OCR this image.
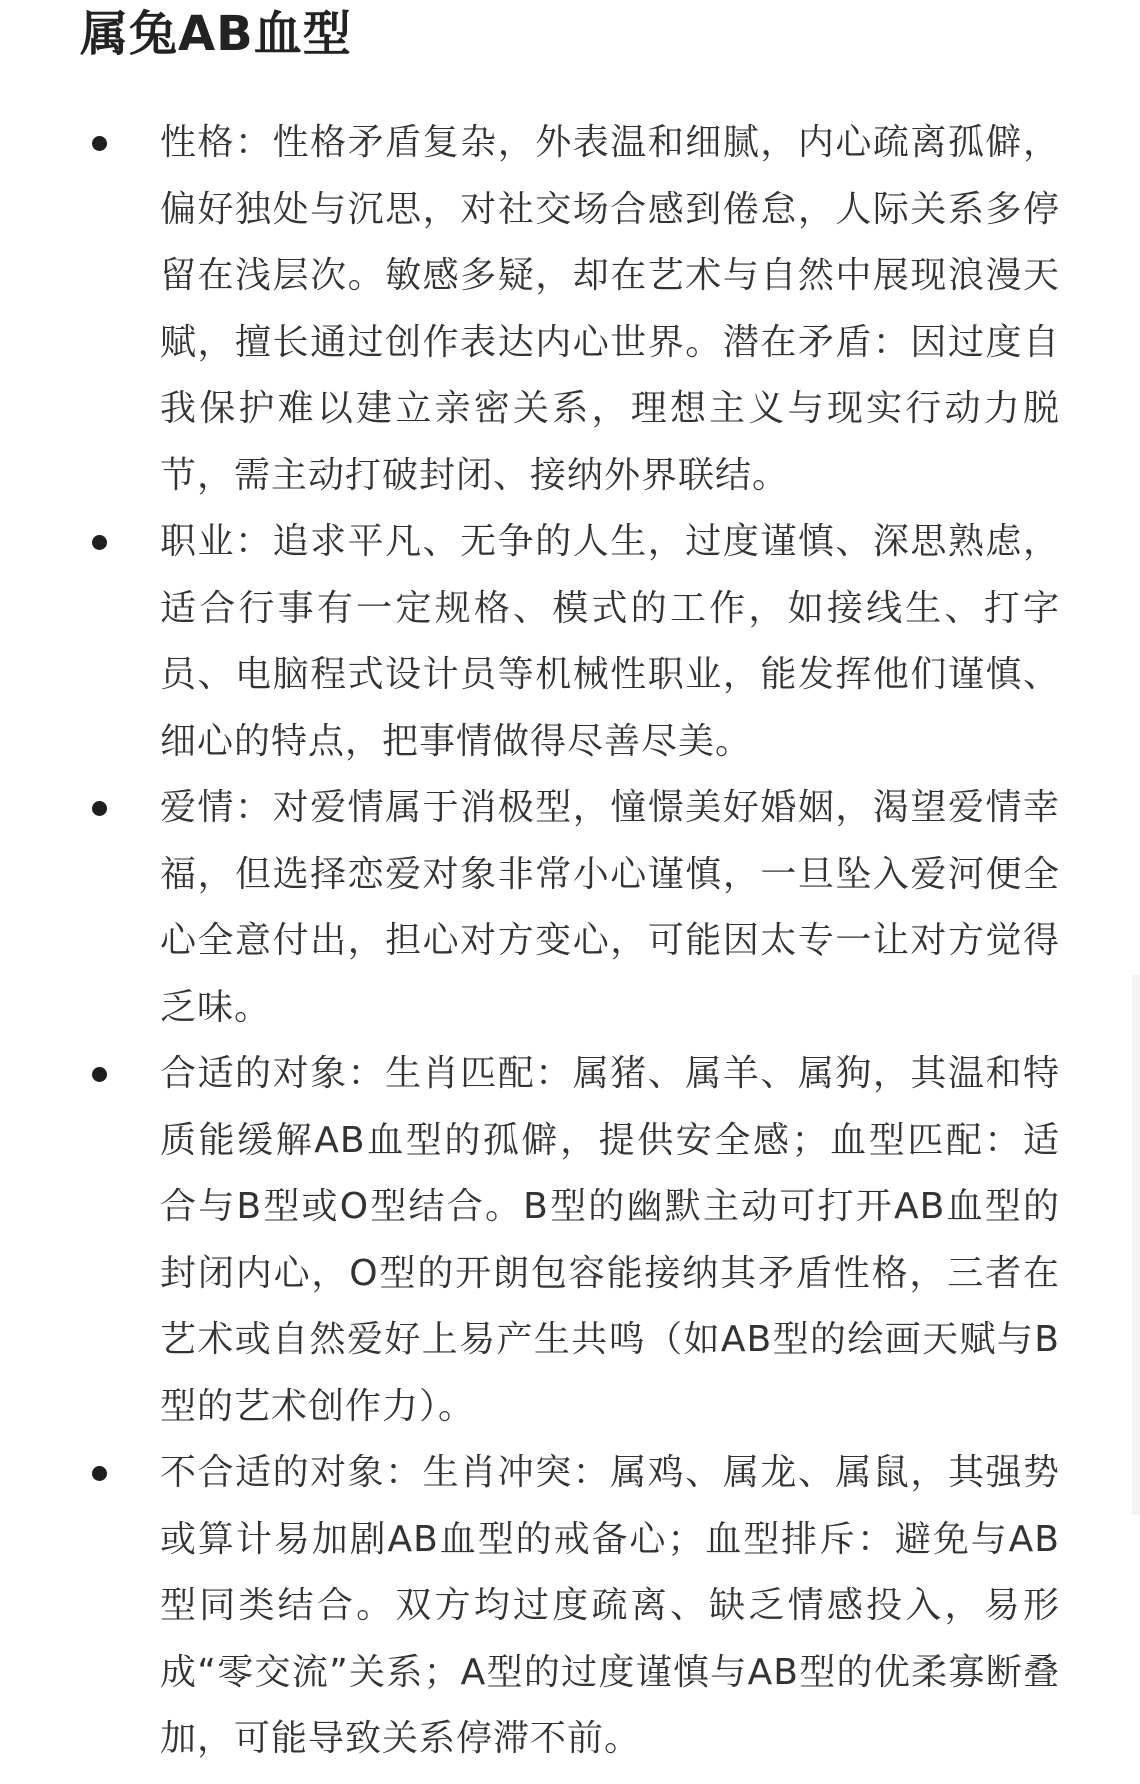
属兔AB血型
性格：性格矛盾复杂，外表温和细腻，内心疏离孤僻，偏好独处与沉思，对社交场合感到倦怠，人际关系多停留在浅层次。敏感多疑，却在艺术与自然中展现浪漫天赋，擅长通过创作表达内心世界。潜在矛盾：因过度自我保护难以建立亲密关系，理想主义与现实行动力脱节，需主动打破封闭、接纳外界联结。
职业：追求平凡、无争的人生，过度谨慎、深思熟虑，适合行事有一定规格、模式的工作，如接线生、打字员、电脑程式设计员等机械性职业，能发挥他们谨慎、细心的特点，把事情做得尽善尽美。
爱情：对爱情属于消极型，憧憬美好婚姻，渴望爱情幸福，但选择恋爱对象非常小心谨慎，一旦坠入爱河便全心全意付出，担心对方变心，可能因太专一让对方觉得乏味。
合适的对象：生肖匹配：属猪、属羊、属狗，其温和特质能缓解AB血型的孤僻，提供安全感；血型匹配：适合与B型或O型结合。B型的幽默主动可打开AB血型的封闭内心，O型的开朗包容能接纳其矛盾性格，三者在艺术或自然爱好上易产生共鸣（如AB型的绘画天赋与B型的艺术创作力）。
不合适的对象：生肖冲突：属鸡、属龙、属鼠，其强势或算计易加剧AB血型的戒备心；血型排斥：避免与AB型同类结合。双方均过度疏离、缺乏情感投入，易形成“零交流”关系；A型的过度谨慎与AB型的优柔寡断叠加，可能导致关系停滞不前。
